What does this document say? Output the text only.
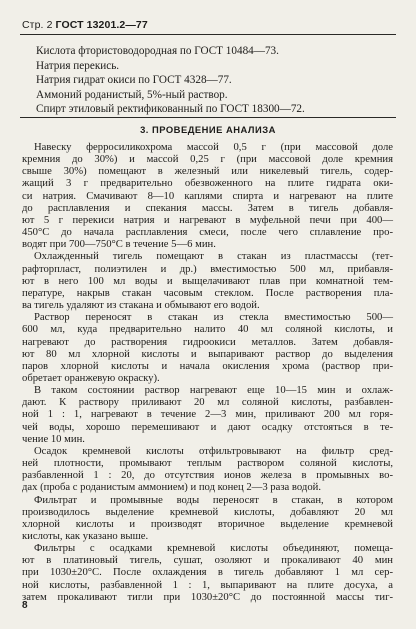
Стр. 2 ГОСТ 13201.2—77
Кислота фтористоводородная по ГОСТ 10484—73.
Натрия перекись.
Натрия гидрат окиси по ГОСТ 4328—77.
Аммоний роданистый, 5%-ный раствор.
Спирт этиловый ректификованный по ГОСТ 18300—72.
3. ПРОВЕДЕНИЕ АНАЛИЗА
Навеску ферросиликохрома массой 0,5 г (при массовой доле
кремния до 30%) и массой 0,25 г (при массовой доле кремния
свыше 30%) помещают в железный или никелевый тигель, содер-
жащий 3 г предварительно обезвоженного на плите гидрата оки-
си натрия. Смачивают 8—10 каплями спирта и нагревают на плите
до расплавления и спекания массы. Затем в тигель добавля-
ют 5 г перекиси натрия и нагревают в муфельной печи при 400—
450°С до начала расплавления смеси, после чего сплавление про-
водят при 700—750°С в течение 5—6 мин.
Охлажденный тигель помещают в стакан из пластмассы (тет-
рафторпласт, полиэтилен и др.) вместимостью 500 мл, прибавля-
ют в него 100 мл воды и выщелачивают плав при комнатной тем-
пературе, накрыв стакан часовым стеклом. После растворения пла-
ва тигель удаляют из стакана и обмывают его водой.
Раствор переносят в стакан из стекла вместимостью 500—
600 мл, куда предварительно налито 40 мл соляной кислоты, и
нагревают до растворения гидроокиси металлов. Затем добавля-
ют 80 мл хлорной кислоты и выпаривают раствор до выделения
паров хлорной кислоты и начала окисления хрома (раствор при-
обретает оранжевую окраску).
В таком состоянии раствор нагревают еще 10—15 мин и охлаж-
дают. К раствору приливают 20 мл соляной кислоты, разбавлен-
ной 1 : 1, нагревают в течение 2—3 мин, приливают 200 мл горя-
чей воды, хорошо перемешивают и дают осадку отстояться в те-
чение 10 мин.
Осадок кремневой кислоты отфильтровывают на фильтр сред-
ней плотности, промывают теплым раствором соляной кислоты,
разбавленной 1 : 20, до отсутствия ионов железа в промывных во-
дах (проба с роданистым аммонием) и под конец 2—3 раза водой.
Фильтрат и промывные воды переносят в стакан, в котором
производилось выделение кремневой кислоты, добавляют 20 мл
хлорной кислоты и производят вторичное выделение кремневой
кислоты, как указано выше.
Фильтры с осадками кремневой кислоты объединяют, помеща-
ют в платиновый тигель, сушат, озоляют и прокаливают 40 мин
при 1030±20°С. После охлаждения в тигель добавляют 1 мл сер-
ной кислоты, разбавленной 1 : 1, выпаривают на плите досуха, а
затем прокаливают тигли при 1030±20°С до постоянной массы тиг-
8
